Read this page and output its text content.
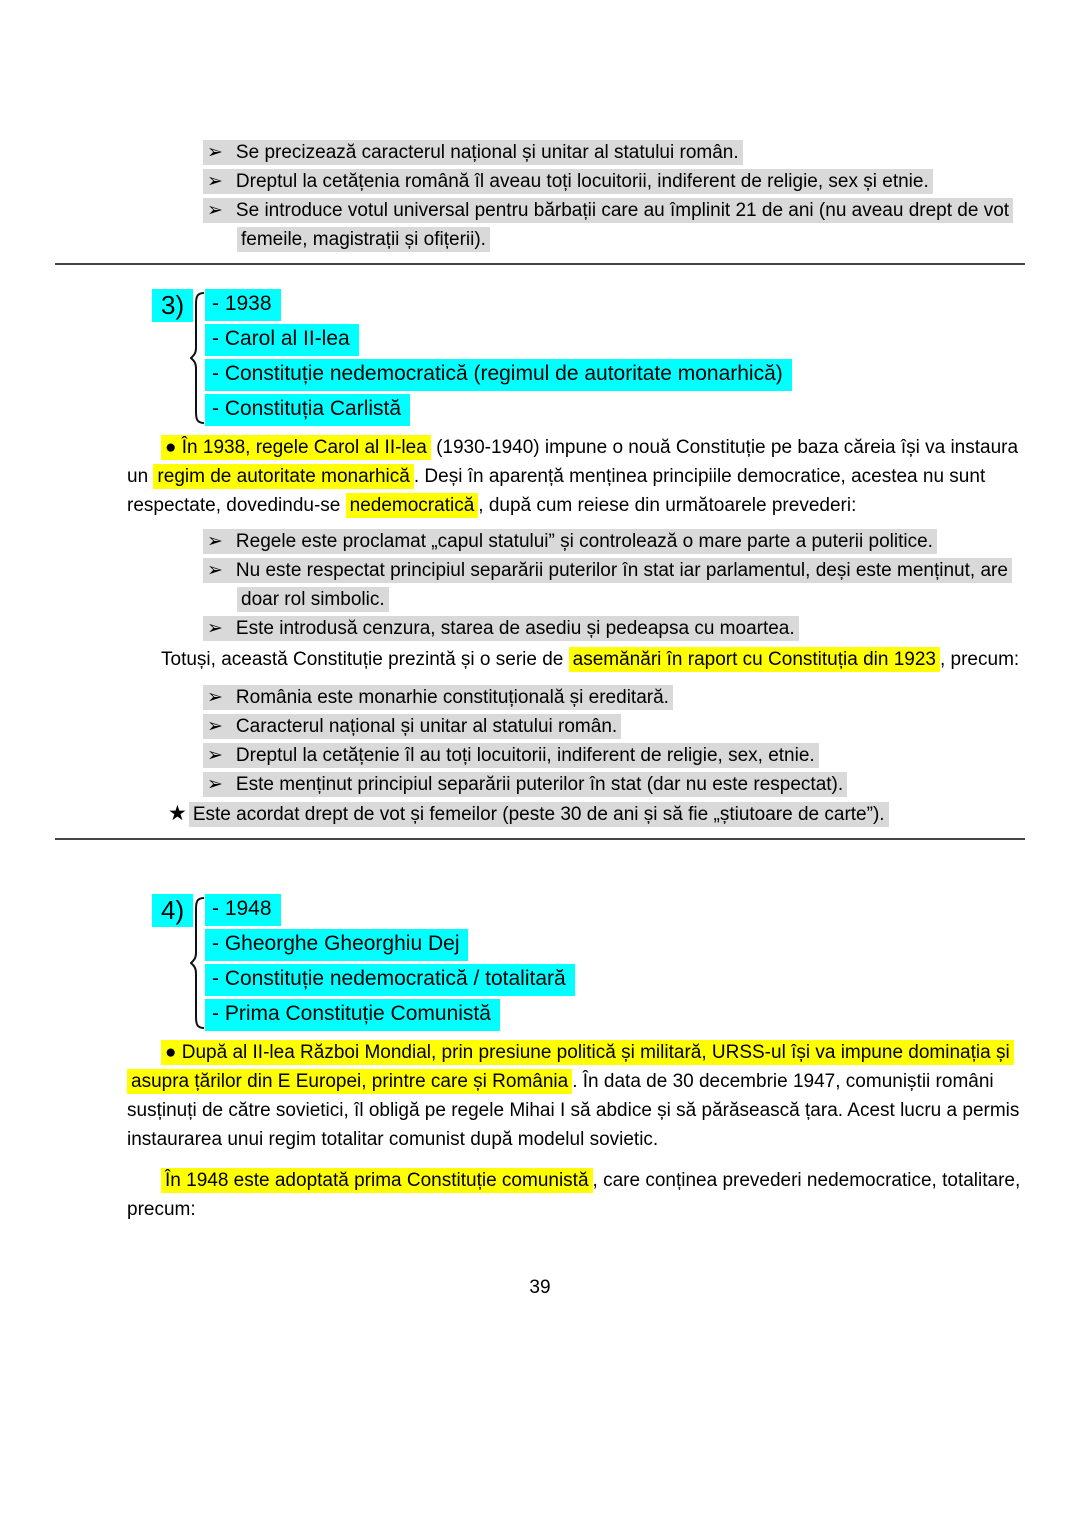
➢ Se precizează caracterul național și unitar al statului român.
➢ Dreptul la cetățenia română îl aveau toți locuitorii, indiferent de religie, sex și etnie.
➢ Se introduce votul universal pentru bărbații care au împlinit 21 de ani (nu aveau drept de vot femeile, magistrații și ofițerii).
3)	- 1938
- Carol al II-lea
- Constituție nedemocratică (regimul de autoritate monarhică)
- Constituția Carlistă

● În 1938, regele Carol al II-lea (1930-1940) impune o nouă Constituție pe baza căreia își va instaura un regim de autoritate monarhică . Deși în aparență menținea principiile democratice, acestea nu sunt respectate, dovedindu-se nedemocratică , după cum reiese din următoarele prevederi:

➢ Regele este proclamat „capul statului” și controlează o mare parte a puterii politice.
➢ Nu este respectat principiul separării puterilor în stat iar parlamentul, deși este menținut, are doar rol simbolic.
➢ Este introdusă cenzura, starea de asediu și pedeapsa cu moartea.

Totuși, această Constituție prezintă și o serie de asemănări în raport cu Constituția din 1923 , precum:

➢ România este monarhie constituțională și ereditară.
➢ Caracterul național și unitar al statului român.
➢ Dreptul la cetățenie îl au toți locuitorii, indiferent de religie, sex, etnie.
➢ Este menținut principiul separării puterilor în stat (dar nu este respectat).

★ Este acordat drept de vot și femeilor (peste 30 de ani și să fie „știutoare de carte”).

4)	- 1948
- Gheorghe Gheorghiu Dej
- Constituție nedemocratică / totalitară
- Prima Constituție Comunistă

● După al II-lea Război Mondial, prin presiune politică și militară, URSS-ul își va impune dominația și asupra țărilor din E Europei, printre care și România . În data de 30 decembrie 1947, comuniștii români susținuți de către sovietici, îl obligă pe regele Mihai I să abdice și să părăsească țara. Acest lucru a permis instaurarea unui regim totalitar comunist după modelul sovietic.

În 1948 este adoptată prima Constituție comunistă , care conținea prevederi nedemocratice, totalitare, precum:

39
